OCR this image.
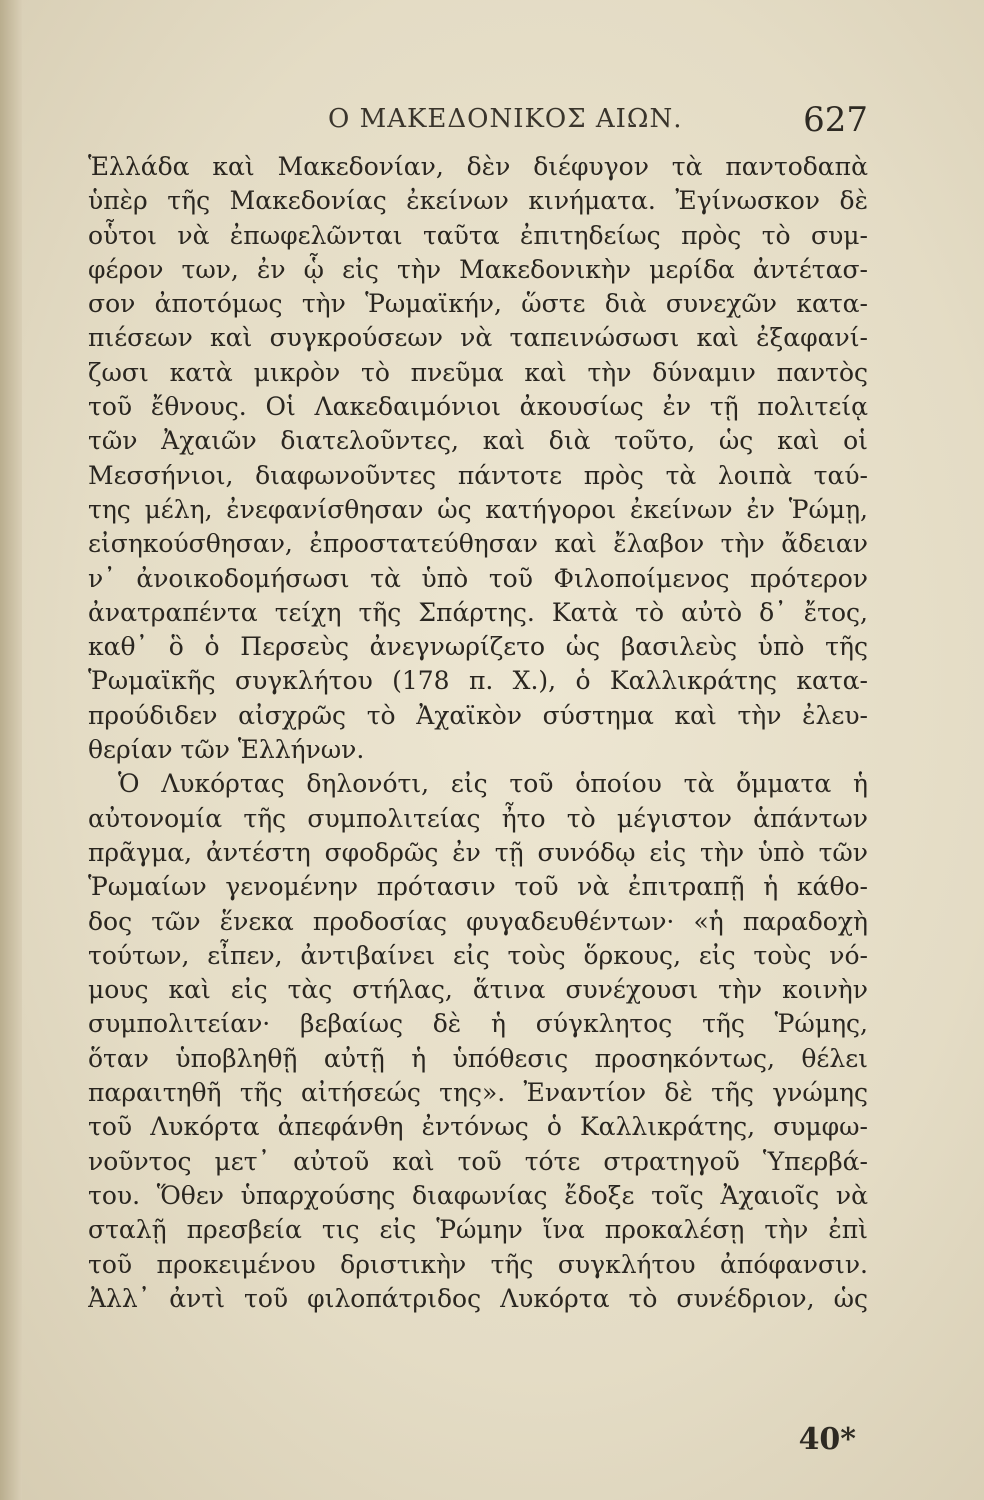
Ο ΜΑΚΕΔΟΝΙΚΟΣ ΑΙΩΝ.	627
Ἑλλάδα καὶ Μακεδονίαν, δὲν διέφυγον τὰ παντοδαπὰ
ὑπὲρ τῆς Μακεδονίας ἐκείνων κινήματα. Ἐγίνωσκον δὲ
οὗτοι νὰ ἐπωφελῶνται ταῦτα ἐπιτηδείως πρὸς τὸ συμ-
φέρον των, ἐν ᾧ εἰς τὴν Μακεδονικὴν μερίδα ἀντέτασ-
σον ἀποτόμως τὴν Ῥωμαϊκήν, ὥστε διὰ συνεχῶν κατα-
πιέσεων καὶ συγκρούσεων νὰ ταπεινώσωσι καὶ ἐξαφανί-
ζωσι κατὰ μικρὸν τὸ πνεῦμα καὶ τὴν δύναμιν παντὸς
τοῦ ἔθνους. Οἱ Λακεδαιμόνιοι ἀκουσίως ἐν τῇ πολιτείᾳ
τῶν Ἀχαιῶν διατελοῦντες, καὶ διὰ τοῦτο, ὡς καὶ οἱ
Μεσσήνιοι, διαφωνοῦντες πάντοτε πρὸς τὰ λοιπὰ ταύ-
της μέλη, ἐνεφανίσθησαν ὡς κατήγοροι ἐκείνων ἐν Ῥώμῃ,
εἰσηκούσθησαν, ἐπροστατεύθησαν καὶ ἔλαβον τὴν ἄδειαν
ν᾽ ἀνοικοδομήσωσι τὰ ὑπὸ τοῦ Φιλοποίμενος πρότερον
ἀνατραπέντα τείχη τῆς Σπάρτης. Κατὰ τὸ αὐτὸ δ᾽ ἔτος,
καθ᾽ ὃ ὁ Περσεὺς ἀνεγνωρίζετο ὡς βασιλεὺς ὑπὸ τῆς
Ῥωμαϊκῆς συγκλήτου (178 π. Χ.), ὁ Καλλικράτης κατα-
προύδιδεν αἰσχρῶς τὸ Ἀχαϊκὸν σύστημα καὶ τὴν ἐλευ-
θερίαν τῶν Ἑλλήνων.
Ὁ Λυκόρτας δηλονότι, εἰς τοῦ ὁποίου τὰ ὄμματα ἡ
αὐτονομία τῆς συμπολιτείας ἦτο τὸ μέγιστον ἁπάντων
πρᾶγμα, ἀντέστη σφοδρῶς ἐν τῇ συνόδῳ εἰς τὴν ὑπὸ τῶν
Ῥωμαίων γενομένην πρότασιν τοῦ νὰ ἐπιτραπῇ ἡ κάθο-
δος τῶν ἕνεκα προδοσίας φυγαδευθέντων· «ἡ παραδοχὴ
τούτων, εἶπεν, ἀντιβαίνει εἰς τοὺς ὅρκους, εἰς τοὺς νό-
μους καὶ εἰς τὰς στήλας, ἅτινα συνέχουσι τὴν κοινὴν
συμπολιτείαν· βεβαίως δὲ ἡ σύγκλητος τῆς Ῥώμης,
ὅταν ὑποβληθῇ αὐτῇ ἡ ὑπόθεσις προσηκόντως, θέλει
παραιτηθῆ τῆς αἰτήσεώς της». Ἐναντίον δὲ τῆς γνώμης
τοῦ Λυκόρτα ἀπεφάνθη ἐντόνως ὁ Καλλικράτης, συμφω-
νοῦντος μετ᾽ αὐτοῦ καὶ τοῦ τότε στρατηγοῦ Ὑπερβά-
του. Ὅθεν ὑπαρχούσης διαφωνίας ἔδοξε τοῖς Ἀχαιοῖς νὰ
σταλῇ πρεσβεία τις εἰς Ῥώμην ἵνα προκαλέσῃ τὴν ἐπὶ
τοῦ προκειμένου δριστικὴν τῆς συγκλήτου ἀπόφανσιν.
Ἀλλ᾽ ἀντὶ τοῦ φιλοπάτριδος Λυκόρτα τὸ συνέδριον, ὡς
40*
